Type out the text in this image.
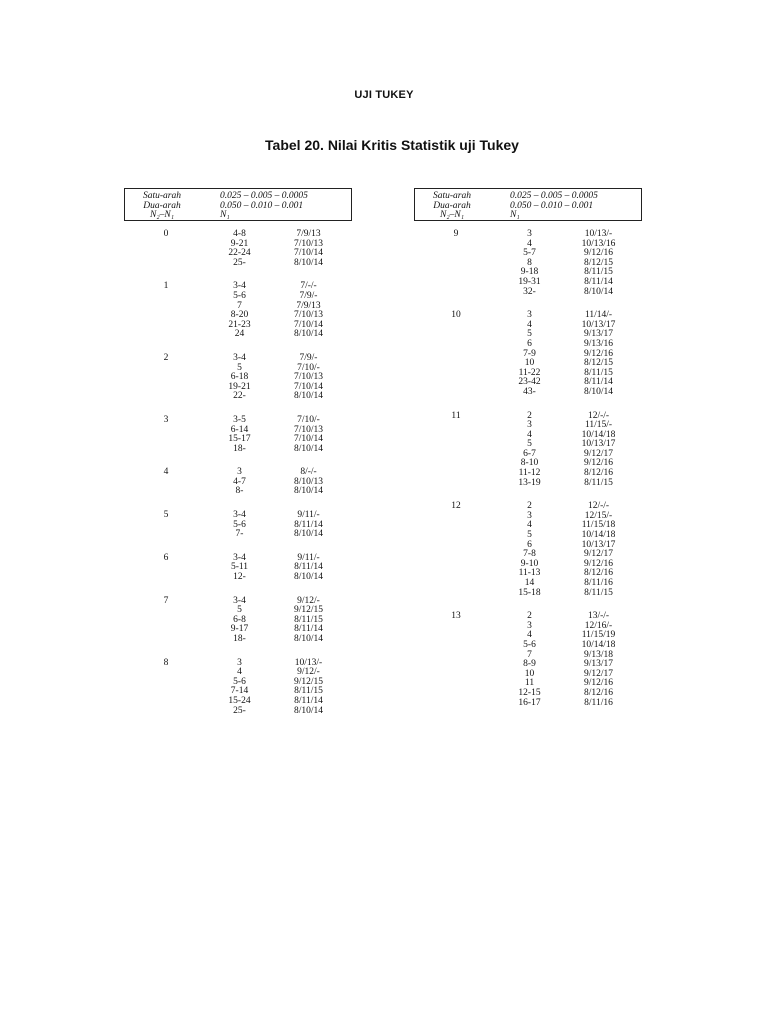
UJI TUKEY
Tabel 20. Nilai Kritis Statistik uji Tukey
Satu-arah	0.025 – 0.005 – 0.0005
Dua-arah	0.050 – 0.010 – 0.001
N₂–N₁	N₁
0	4-8	7/9/13
9-21	7/10/13
22-24	7/10/14
25-	8/10/14
1	3-4	7/-/-
5-6	7/9/-
7	7/9/13
8-20	7/10/13
21-23	7/10/14
24	8/10/14
2	3-4	7/9/-
5	7/10/-
6-18	7/10/13
19-21	7/10/14
22-	8/10/14
3	3-5	7/10/-
6-14	7/10/13
15-17	7/10/14
18-	8/10/14
4	3	8/-/-
4-7	8/10/13
8-	8/10/14
5	3-4	9/11/-
5-6	8/11/14
7-	8/10/14
6	3-4	9/11/-
5-11	8/11/14
12-	8/10/14
7	3-4	9/12/-
5	9/12/15
6-8	8/11/15
9-17	8/11/14
18-	8/10/14
8	3	10/13/-
4	9/12/-
5-6	9/12/15
7-14	8/11/15
15-24	8/11/14
25-	8/10/14
Satu-arah	0.025 – 0.005 – 0.0005
Dua-arah	0.050 – 0.010 – 0.001
N₂–N₁	N₁
9	3	10/13/-
4	10/13/16
5-7	9/12/16
8	8/12/15
9-18	8/11/15
19-31	8/11/14
32-	8/10/14
10	3	11/14/-
4	10/13/17
5	9/13/17
6	9/13/16
7-9	9/12/16
10	8/12/15
11-22	8/11/15
23-42	8/11/14
43-	8/10/14
11	2	12/-/-
3	11/15/-
4	10/14/18
5	10/13/17
6-7	9/12/17
8-10	9/12/16
11-12	8/12/16
13-19	8/11/15
12	2	12/-/-
3	12/15/-
4	11/15/18
5	10/14/18
6	10/13/17
7-8	9/12/17
9-10	9/12/16
11-13	8/12/16
14	8/11/16
15-18	8/11/15
13	2	13/-/-
3	12/16/-
4	11/15/19
5-6	10/14/18
7	9/13/18
8-9	9/13/17
10	9/12/17
11	9/12/16
12-15	8/12/16
16-17	8/11/16
